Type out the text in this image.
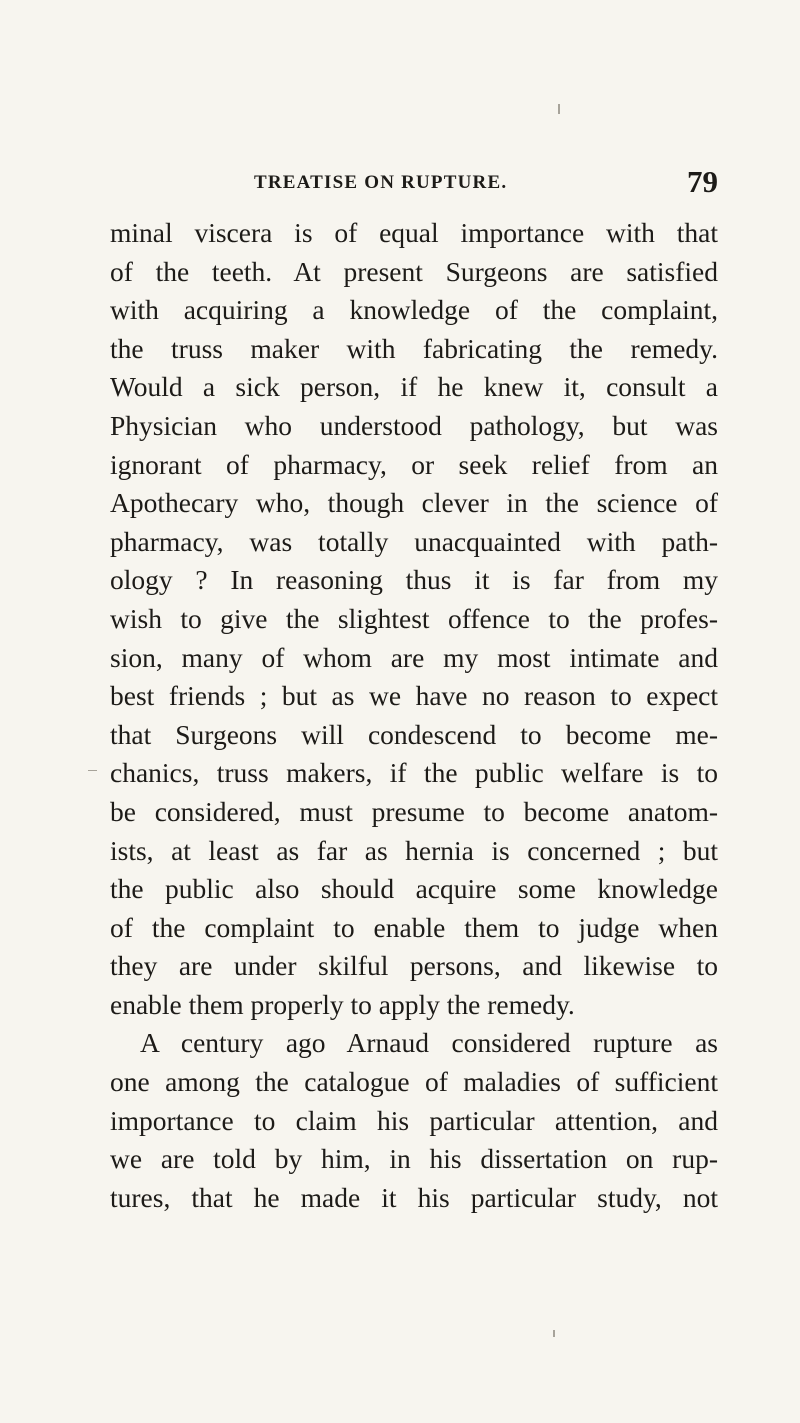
TREATISE ON RUPTURE.	79
minal viscera is of equal importance with that
of the teeth. At present Surgeons are satisfied
with acquiring a knowledge of the complaint,
the truss maker with fabricating the remedy.
Would a sick person, if he knew it, consult a
Physician who understood pathology, but was
ignorant of pharmacy, or seek relief from an
Apothecary who, though clever in the science of
pharmacy, was totally unacquainted with path-
ology ? In reasoning thus it is far from my
wish to give the slightest offence to the profes-
sion, many of whom are my most intimate and
best friends ; but as we have no reason to expect
that Surgeons will condescend to become me-
chanics, truss makers, if the public welfare is to
be considered, must presume to become anatom-
ists, at least as far as hernia is concerned ; but
the public also should acquire some knowledge
of the complaint to enable them to judge when
they are under skilful persons, and likewise to
enable them properly to apply the remedy.
A century ago Arnaud considered rupture as
one among the catalogue of maladies of sufficient
importance to claim his particular attention, and
we are told by him, in his dissertation on rup-
tures, that he made it his particular study, not
